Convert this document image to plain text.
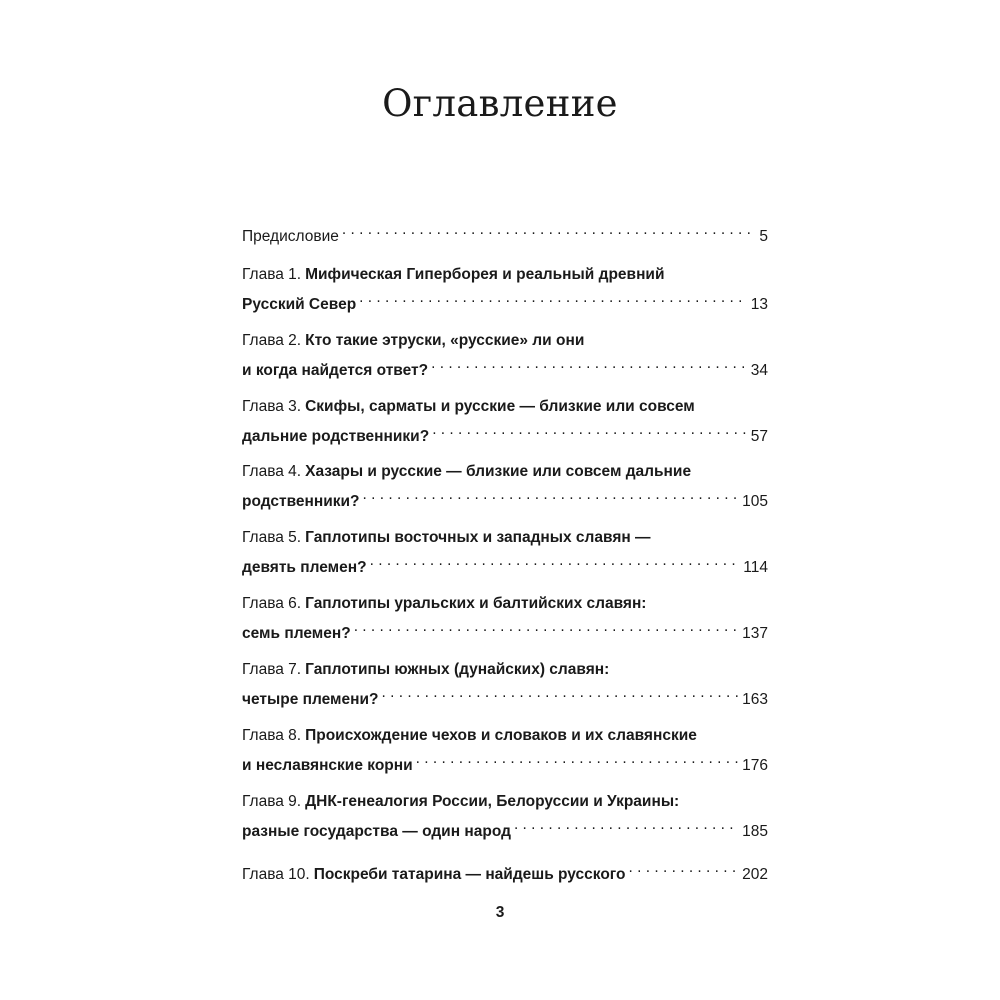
Оглавление
Предисловие . . .	5
Глава 1. Мифическая Гиперборея и реальный древний
Русский Север . . .	13
Глава 2. Кто такие этруски, «русские» ли они
и когда найдется ответ? . . .	34
Глава 3. Скифы, сарматы и русские — близкие или совсем
дальние родственники? . . .	57
Глава 4. Хазары и русские — близкие или совсем дальние
родственники? . . .	105
Глава 5. Гаплотипы восточных и западных славян —
девять племен? . . .	114
Глава 6. Гаплотипы уральских и балтийских славян:
семь племен? . . .	137
Глава 7. Гаплотипы южных (дунайских) славян:
четыре племени? . . .	163
Глава 8. Происхождение чехов и словаков и их славянские
и неславянские корни . . .	176
Глава 9. ДНК-генеалогия России, Белоруссии и Украины:
разные государства — один народ . . .	185
Глава 10. Поскреби татарина — найдешь русского . . .	202
3
